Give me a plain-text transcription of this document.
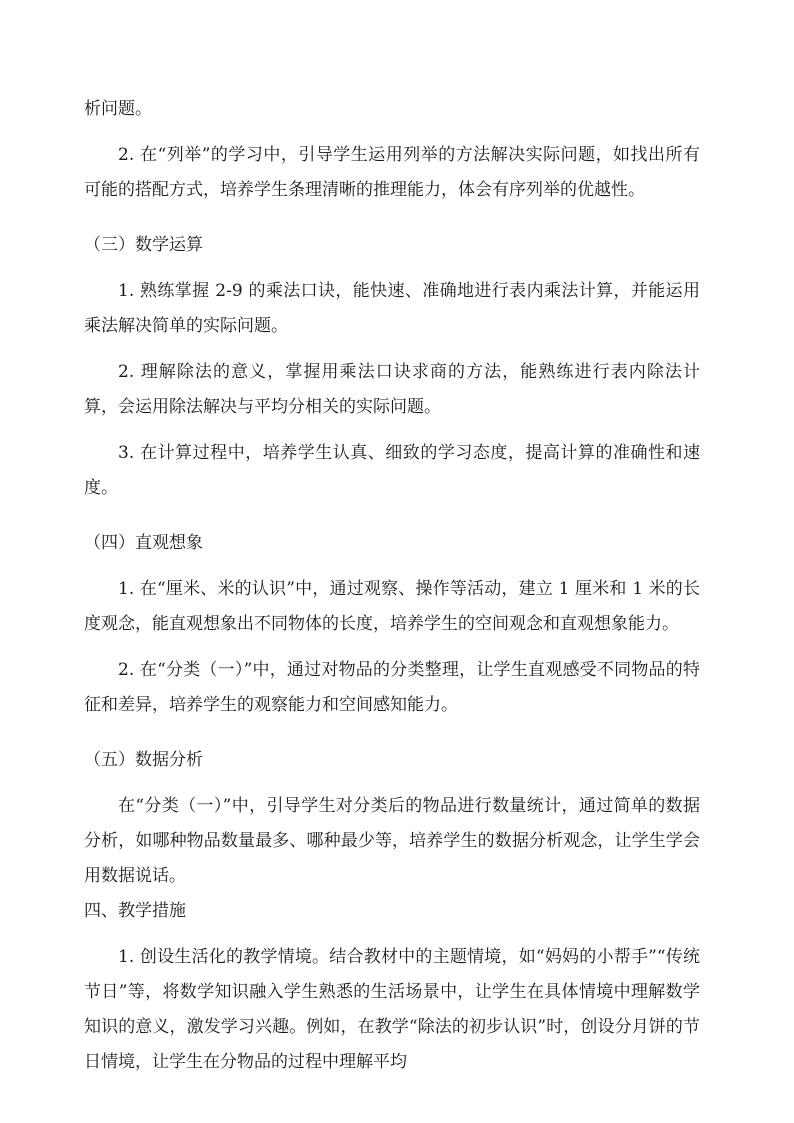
析问题。

2. 在“列举”的学习中，引导学生运用列举的方法解决实际问题，如找出所有可能的搭配方式，培养学生条理清晰的推理能力，体会有序列举的优越性。

（三）数学运算

1. 熟练掌握 2-9 的乘法口诀，能快速、准确地进行表内乘法计算，并能运用乘法解决简单的实际问题。

2. 理解除法的意义，掌握用乘法口诀求商的方法，能熟练进行表内除法计算，会运用除法解决与平均分相关的实际问题。

3. 在计算过程中，培养学生认真、细致的学习态度，提高计算的准确性和速度。

（四）直观想象

1. 在“厘米、米的认识”中，通过观察、操作等活动，建立 1 厘米和 1 米的长度观念，能直观想象出不同物体的长度，培养学生的空间观念和直观想象能力。

2. 在“分类（一）”中，通过对物品的分类整理，让学生直观感受不同物品的特征和差异，培养学生的观察能力和空间感知能力。

（五）数据分析

在“分类（一）”中，引导学生对分类后的物品进行数量统计，通过简单的数据分析，如哪种物品数量最多、哪种最少等，培养学生的数据分析观念，让学生学会用数据说话。

四、教学措施

1. 创设生活化的教学情境。结合教材中的主题情境，如“妈妈的小帮手”“传统节日”等，将数学知识融入学生熟悉的生活场景中，让学生在具体情境中理解数学知识的意义，激发学习兴趣。例如，在教学“除法的初步认识”时，创设分月饼的节日情境，让学生在分物品的过程中理解平均
